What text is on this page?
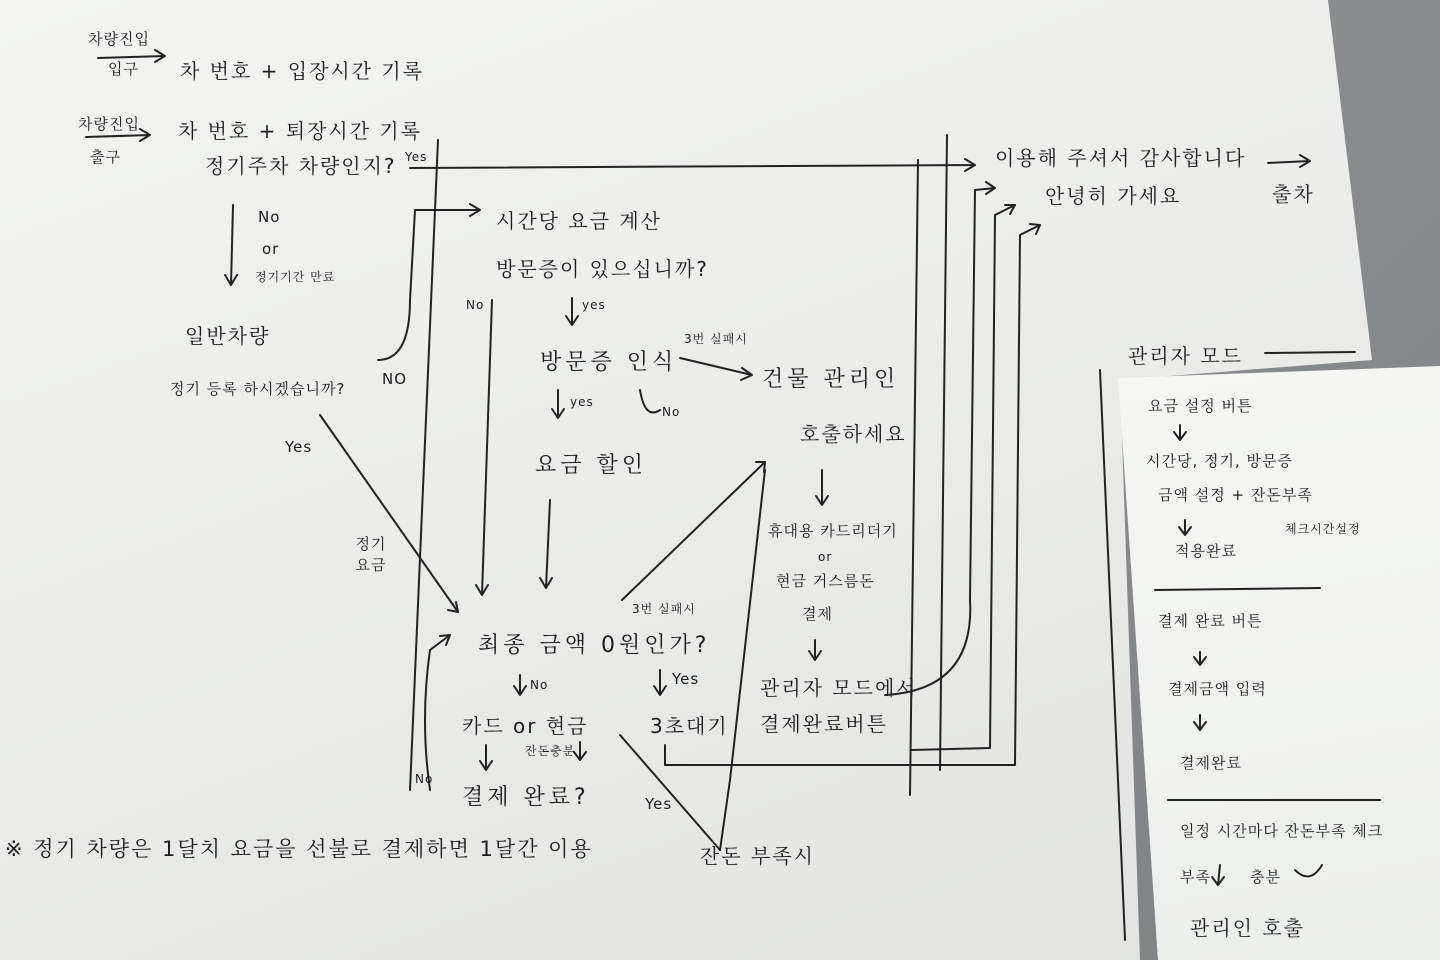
차량진입
입구 차 번호 + 입장시간 기록
차량진입
출구
차 번호 + 퇴장시간 기록
정기주차 차량인지? Yes
No
or
정기기간 만료
일반차량
정기 등록 하시겠습니까?
NO
Yes
정기 요금
시간당 요금 계산
방문증이 있으십니까?
No	yes
방문증 인식
3번 실패시
yes
No
요금 할인
건물 관리인
호출하세요
휴대용 카드리더기
or
현금 거스름돈
결제
관리자 모드에서
결제완료버튼
3번 실패시
최종 금액 0원인가?
No	Yes
카드 or 현금	3초대기
잔돈충분
결제 완료?
No
Yes
잔돈 부족시
※ 정기 차량은 1달치 요금을 선불로 결제하면 1달간 이용
이용해 주셔서 감사합니다
안녕히 가세요	출차
관리자 모드
요금 설정 버튼
시간당, 정기, 방문증
금액 설정 + 잔돈부족
체크시간설정
적용완료
결제 완료 버튼
결제금액 입력
결제완료
일정 시간마다 잔돈부족 체크
부족	충분
관리인 호출
